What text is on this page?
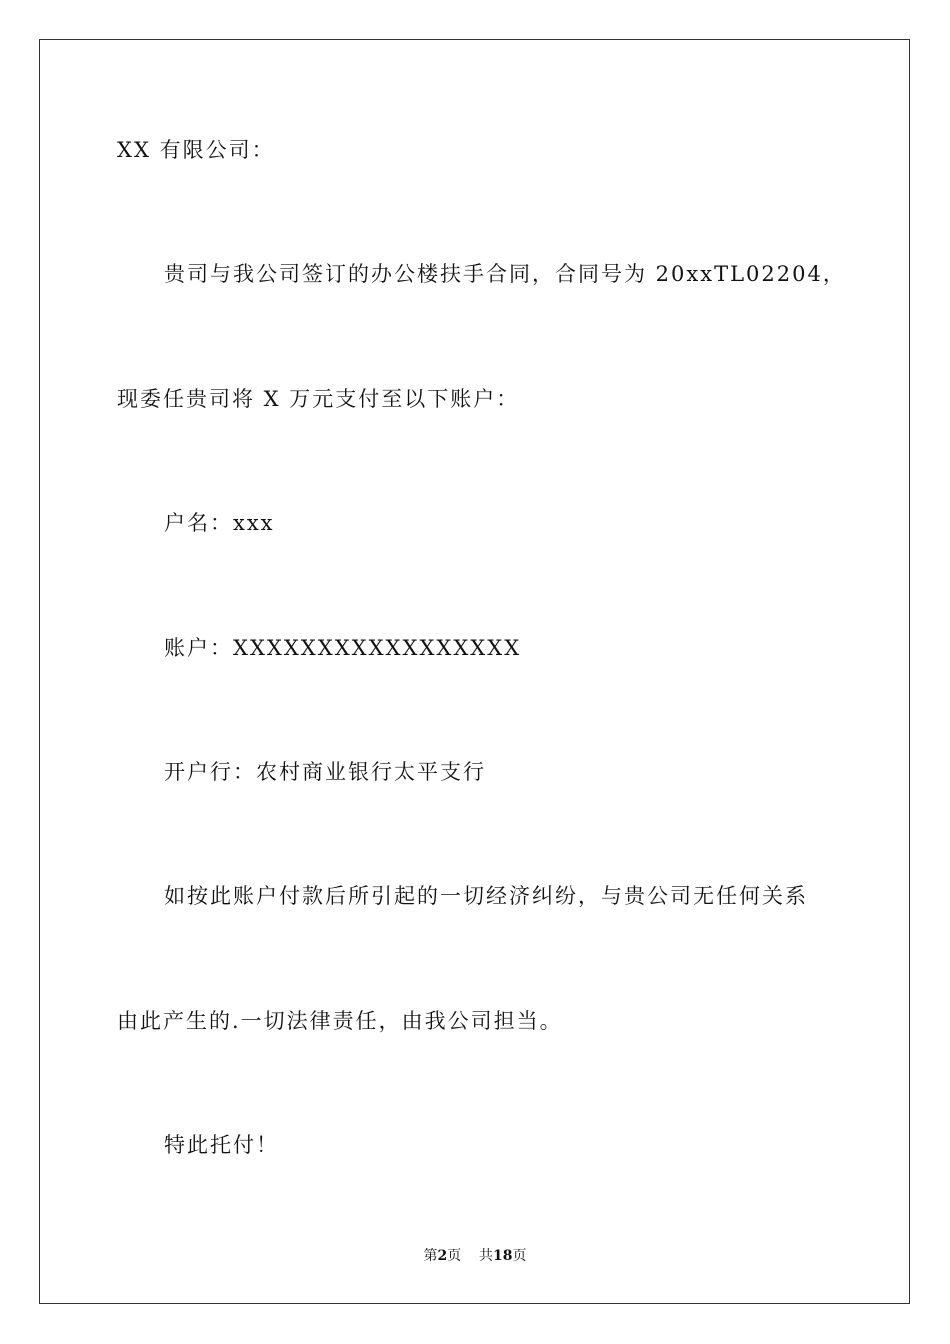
XX 有限公司：
贵司与我公司签订的办公楼扶手合同，合同号为 20xxTL02204，
现委任贵司将 X 万元支付至以下账户：
户名：xxx
账户：XXXXXXXXXXXXXXXXX
开户行：农村商业银行太平支行
如按此账户付款后所引起的一切经济纠纷，与贵公司无任何关系
由此产生的.一切法律责任，由我公司担当。
特此托付！
第2页    共18页
